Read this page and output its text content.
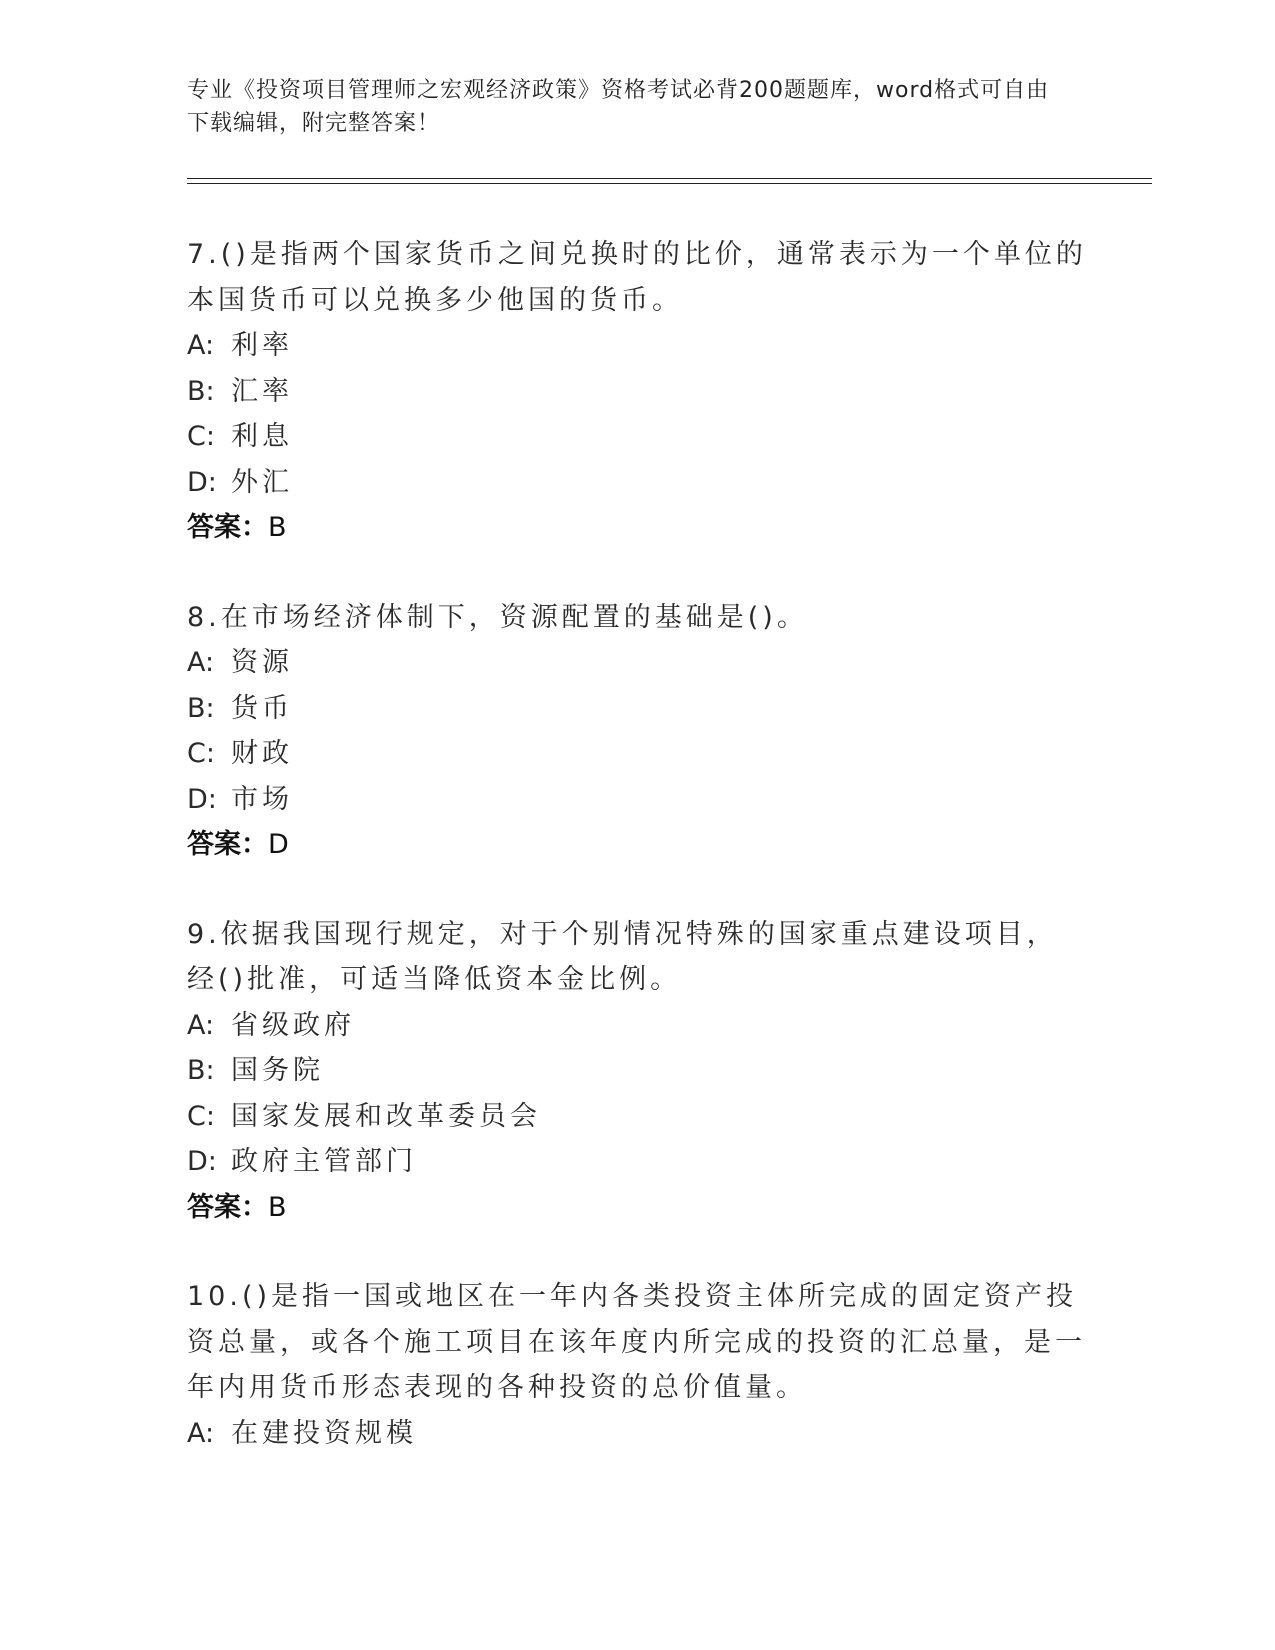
专业《投资项目管理师之宏观经济政策》资格考试必背200题题库，word格式可自由下载编辑，附完整答案！

7.()是指两个国家货币之间兑换时的比价，通常表示为一个单位的本国货币可以兑换多少他国的货币。

A: 利率

B: 汇率

C: 利息

D: 外汇

答案：B

8.在市场经济体制下，资源配置的基础是()。

A: 资源

B: 货币

C: 财政

D: 市场

答案：D

9.依据我国现行规定，对于个别情况特殊的国家重点建设项目，经()批准，可适当降低资本金比例。

A: 省级政府

B: 国务院

C: 国家发展和改革委员会

D: 政府主管部门

答案：B

10.()是指一国或地区在一年内各类投资主体所完成的固定资产投资总量，或各个施工项目在该年度内所完成的投资的汇总量，是一年内用货币形态表现的各种投资的总价值量。

A: 在建投资规模
